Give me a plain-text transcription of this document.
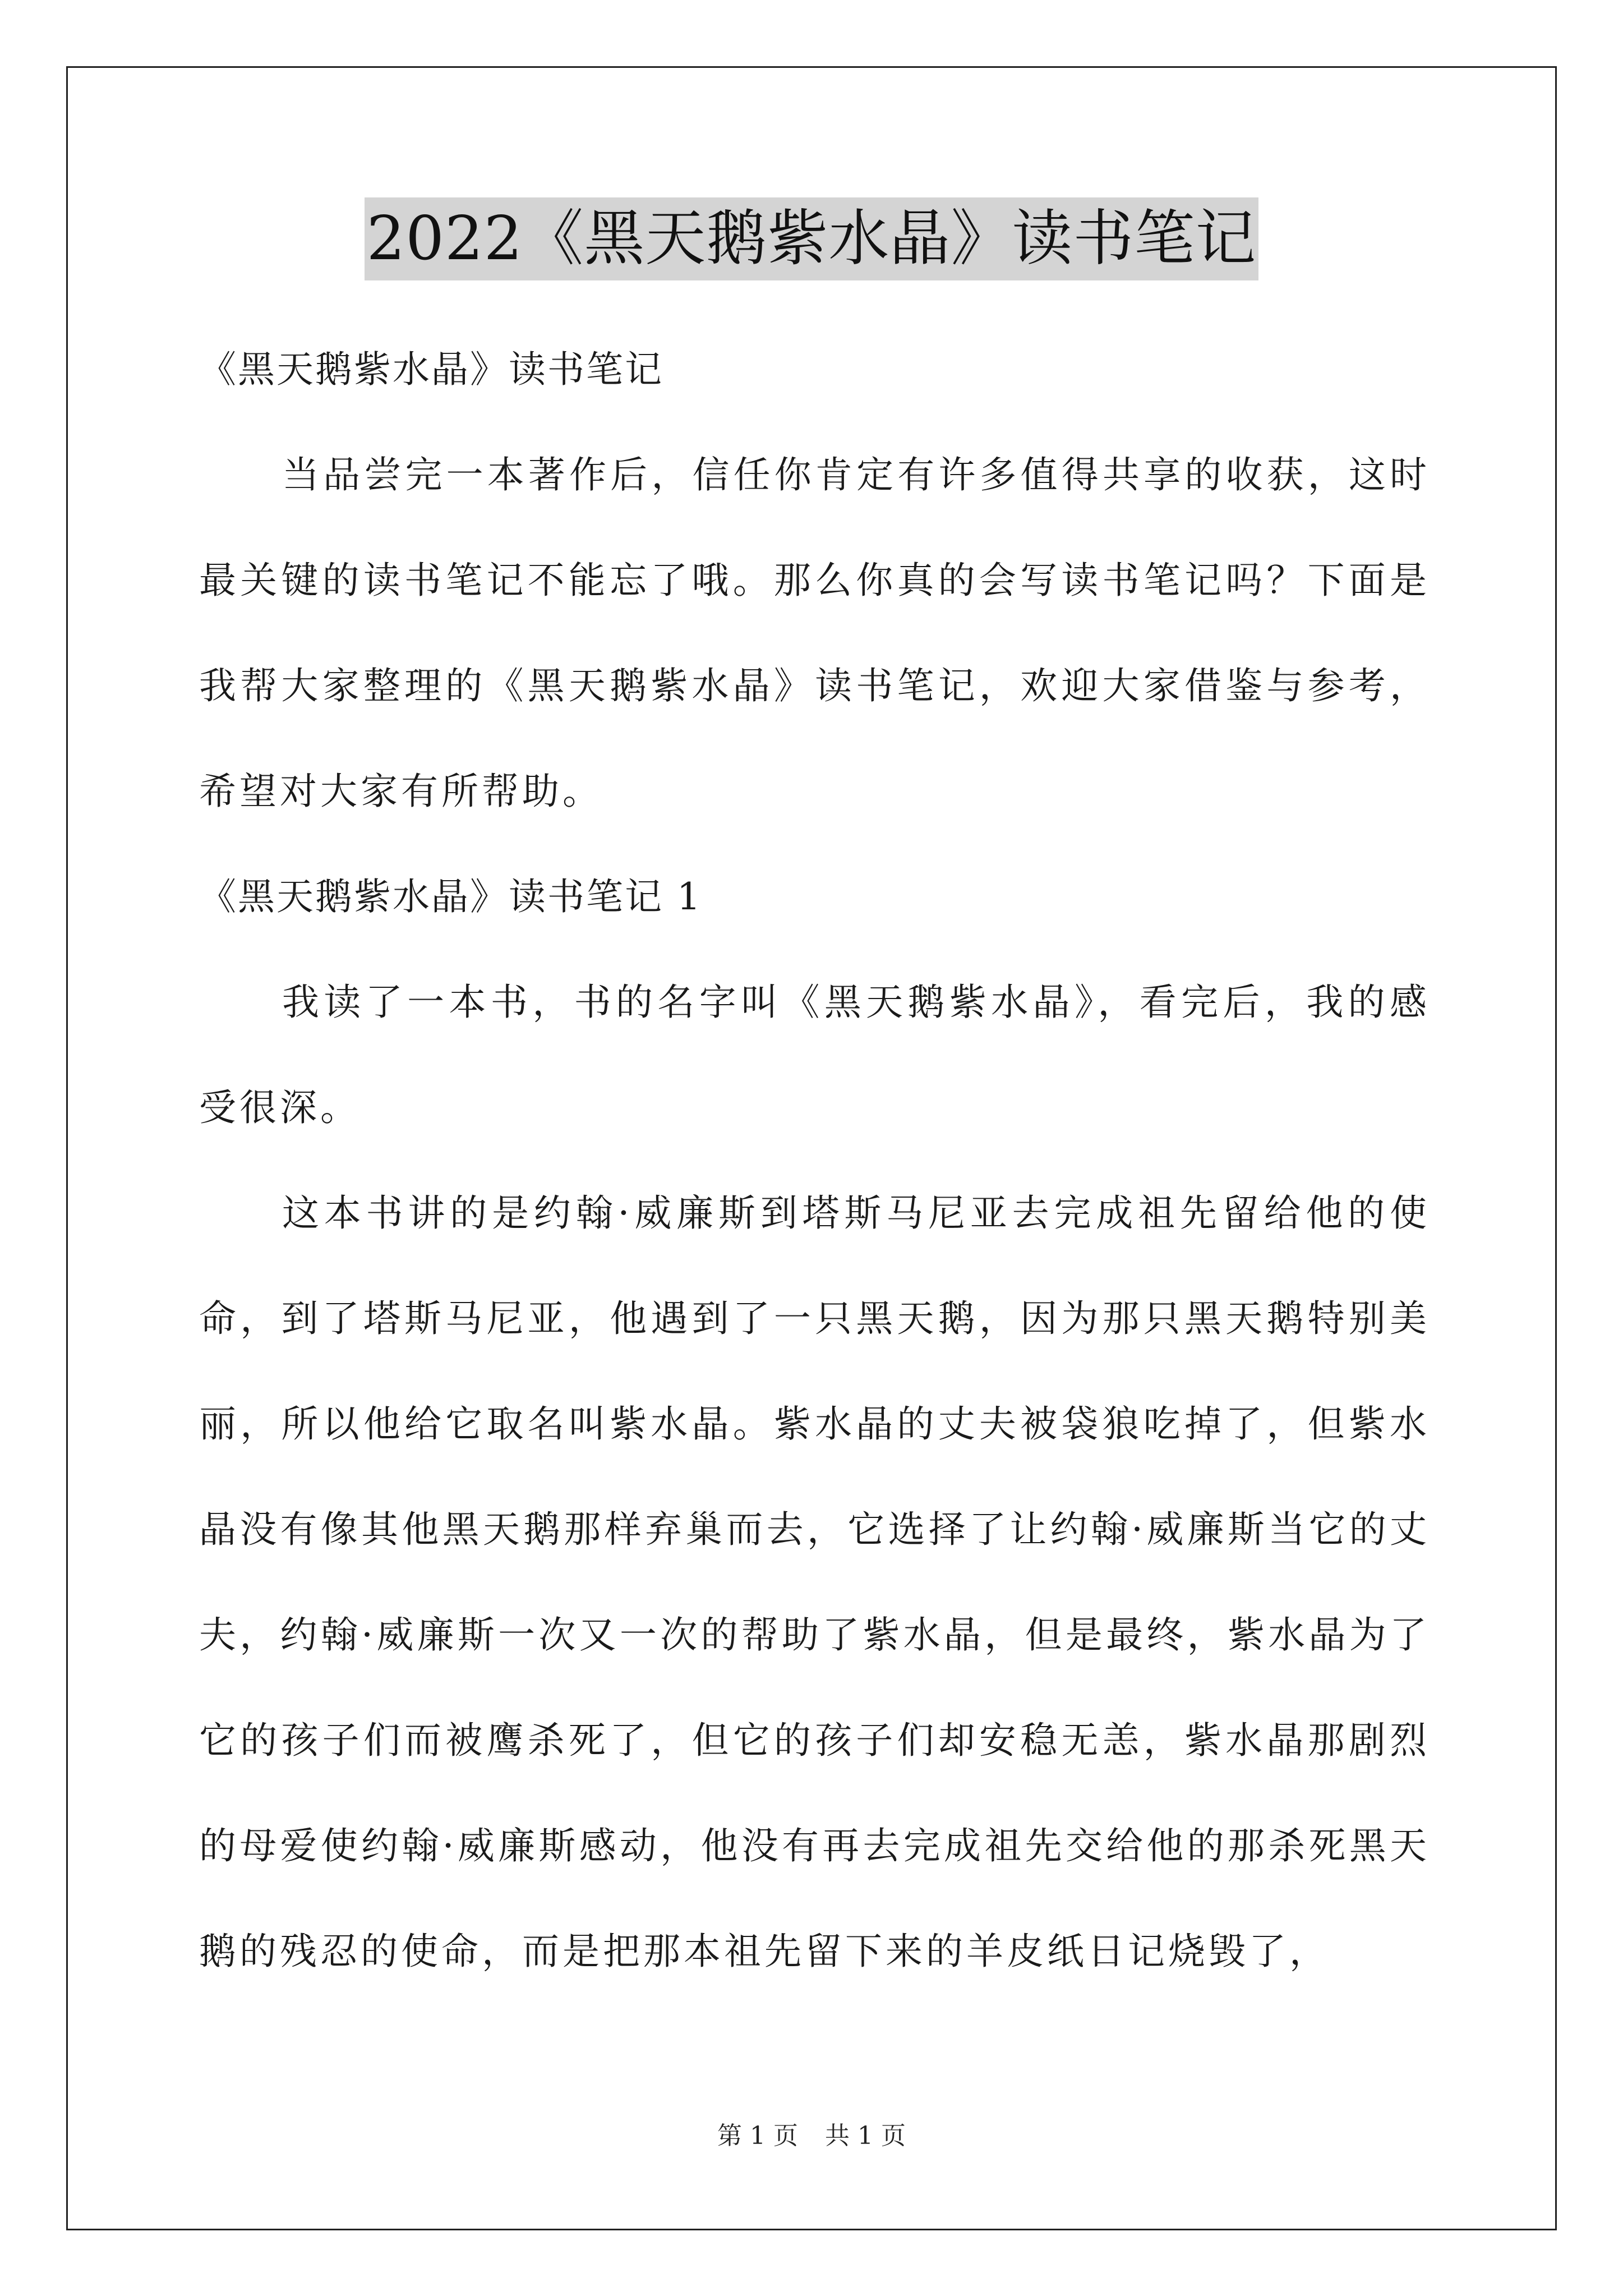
2022《黑天鹅紫水晶》读书笔记

《黑天鹅紫水晶》读书笔记

当品尝完一本著作后，信任你肯定有许多值得共享的收获，这时最关键的读书笔记不能忘了哦。那么你真的会写读书笔记吗？下面是我帮大家整理的《黑天鹅紫水晶》读书笔记，欢迎大家借鉴与参考，希望对大家有所帮助。

《黑天鹅紫水晶》读书笔记 1

我读了一本书，书的名字叫《黑天鹅紫水晶》，看完后，我的感受很深。

这本书讲的是约翰·威廉斯到塔斯马尼亚去完成祖先留给他的使命，到了塔斯马尼亚，他遇到了一只黑天鹅，因为那只黑天鹅特别美丽，所以他给它取名叫紫水晶。紫水晶的丈夫被袋狼吃掉了，但紫水晶没有像其他黑天鹅那样弃巢而去，它选择了让约翰·威廉斯当它的丈夫，约翰·威廉斯一次又一次的帮助了紫水晶，但是最终，紫水晶为了它的孩子们而被鹰杀死了，但它的孩子们却安稳无恙，紫水晶那剧烈的母爱使约翰·威廉斯感动，他没有再去完成祖先交给他的那杀死黑天鹅的残忍的使命，而是把那本祖先留下来的羊皮纸日记烧毁了，

第 1 页 共 1 页
